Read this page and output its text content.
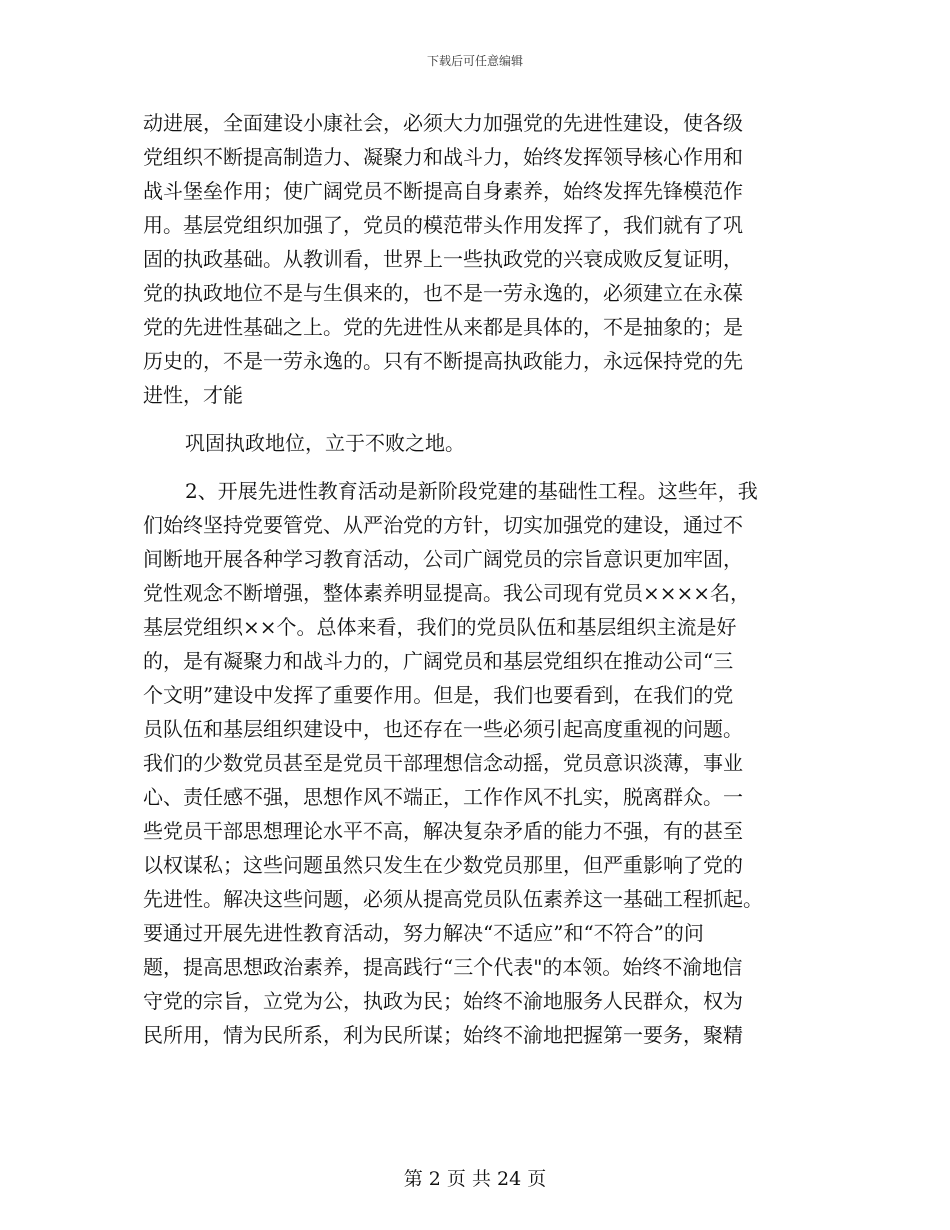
下载后可任意编辑
动进展，全面建设小康社会，必须大力加强党的先进性建设，使各级
党组织不断提高制造力、凝聚力和战斗力，始终发挥领导核心作用和
战斗堡垒作用；使广阔党员不断提高自身素养，始终发挥先锋模范作
用。基层党组织加强了，党员的模范带头作用发挥了，我们就有了巩
固的执政基础。从教训看，世界上一些执政党的兴衰成败反复证明，
党的执政地位不是与生俱来的，也不是一劳永逸的，必须建立在永葆
党的先进性基础之上。党的先进性从来都是具体的，不是抽象的；是
历史的，不是一劳永逸的。只有不断提高执政能力，永远保持党的先
进性，才能
巩固执政地位，立于不败之地。
2、开展先进性教育活动是新阶段党建的基础性工程。这些年，我
们始终坚持党要管党、从严治党的方针，切实加强党的建设，通过不
间断地开展各种学习教育活动，公司广阔党员的宗旨意识更加牢固，
党性观念不断增强，整体素养明显提高。我公司现有党员××××名，
基层党组织××个。总体来看，我们的党员队伍和基层组织主流是好
的，是有凝聚力和战斗力的，广阔党员和基层党组织在推动公司“三
个文明”建设中发挥了重要作用。但是，我们也要看到，在我们的党
员队伍和基层组织建设中，也还存在一些必须引起高度重视的问题。
我们的少数党员甚至是党员干部理想信念动摇，党员意识淡薄，事业
心、责任感不强，思想作风不端正，工作作风不扎实，脱离群众。一
些党员干部思想理论水平不高，解决复杂矛盾的能力不强，有的甚至
以权谋私；这些问题虽然只发生在少数党员那里，但严重影响了党的
先进性。解决这些问题，必须从提高党员队伍素养这一基础工程抓起。
要通过开展先进性教育活动，努力解决“不适应”和“不符合”的问
题，提高思想政治素养，提高践行“三个代表"的本领。始终不渝地信
守党的宗旨，立党为公，执政为民；始终不渝地服务人民群众，权为
民所用，情为民所系，利为民所谋；始终不渝地把握第一要务，聚精
第 2 页 共 24 页
